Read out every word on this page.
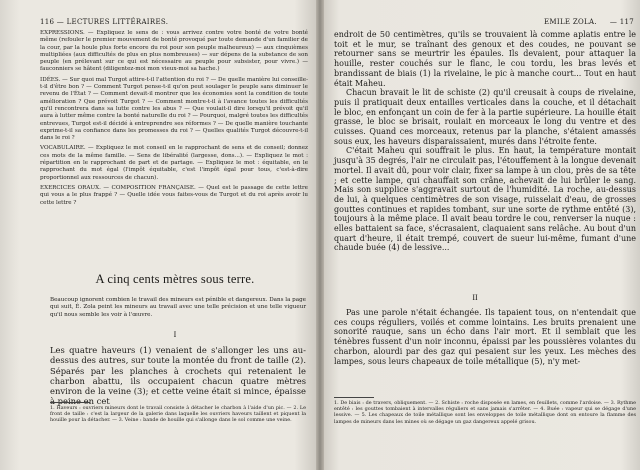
116 — LECTURES LITTÉRAIRES.

EXPRESSIONS. — Expliquez le sens de : vous arrivez contre votre bonté de votre bonté même (refouler le premier mouvement de bonté provoqué par toute demande d'un familier de la cour, par la houle plus forte encore du roi pour son peuple malheureux) — aux cinquièmes multipliées (aux difficultés de plus en plus nombreuses) — sur dépens de la substance de son peuple (en prélevant sur ce qui est nécessaire au peuple pour subsister, pour vivre.) — fauconniers se hâtent (diligentez-moi mon vieux-moi sa hache.)

IDÉES. — Sur quoi mal Turgot attire-t-il l'attention du roi ? — De quelle manière lui conseille-t-il d'être bon ? — Comment Turgot pense-t-il qu'on peut soulager le peuple sans diminuer le revenu de l'État ? — Comment devait-il montrer que les économies sont la condition de toute amélioration ? Que prévoit Turgot ? — Comment montre-t-il à l'avance toutes les difficultés qu'il rencontrera dans sa lutte contre les abus ? — Que voulait-il dire lorsqu'il prévoit qu'il aura à lutter même contre la bonté naturelle du roi ? — Pourquoi, malgré toutes les difficultés entrevues, Turgot est-il décidé à entreprendre ses réformes ? — De quelle manière touchante exprime-t-il sa confiance dans les promesses du roi ? — Quelles qualités Turgot découvre-t-il dans le roi ?

VOCABULAIRE. — Expliquez le mot conseil en le rapprochant de sens et de conseil; donnez ces mots de la même famille. — Sens de libéralité (largesse, dons...). — Expliquez le mot : répartition en le rapprochant de part et de partage. — Expliquez le mot : équitable, en le rapprochant du mot égal (l'impôt équitable, c'est l'impôt égal pour tous, c'est-à-dire proportionnel aux ressources de chacun).

EXERCICES ORAUX. — COMPOSITION FRANÇAISE. — Quel est le passage de cette lettre qui vous a le plus frappé ? — Quelle idée vous faites-vous de Turgot et du roi après avoir lu cette lettre ?

A cinq cents mètres sous terre.
Beaucoup ignorent combien le travail des mineurs est pénible et dangereux. Dans la page qui suit, É. Zola peint les mineurs au travail avec une telle précision et une telle vigueur qu'il nous semble les voir à l'œuvre.
I
Les quatre haveurs (1) venaient de s'allonger les uns au-dessus des autres, sur toute la montée du front de taille (2). Séparés par les planches à crochets qui retenaient le charbon abattu, ils occupaient chacun quatre mètres environ de la veine (3); et cette veine était si mince, épaisse à peine en cet
1. Haveurs : ouvriers mineurs dont le travail consiste à détacher le charbon à l'aide d'un pic. — 2. Le front de taille : c'est la largeur de la galerie dans laquelle les ouvriers haveurs taillent et piquent la houille pour la détacher. — 3. Veine : bande de houille qui s'allonge dans le sol comme une veine.
EMILE ZOLA. — 117

endroit de 50 centimètres, qu'ils se trouvaient là comme aplatis entre le toit et le mur, se traînant des genoux et des coudes, ne pouvant se retourner sans se meurtrir les épaules. Ils devaient, pour attaquer la houille, rester couchés sur le flanc, le cou tordu, les bras levés et brandissant de biais (1) la rivelaine, le pic à manche court... Tout en haut était Maheu.

Chacun bravait le lit de schiste (2) qu'il creusait à coups de rivelaine, puis il pratiquait deux entailles verticales dans la couche, et il détachait le bloc, en enfonçant un coin de fer à la partie supérieure. La houille était grasse, le bloc se brisait, roulait en morceaux le long du ventre et des cuisses. Quand ces morceaux, retenus par la planche, s'étaient amassés sous eux, les haveurs disparaissaient, murés dans l'étroite fente.

C'était Maheu qui souffrait le plus. En haut, la température montait jusqu'à 35 degrés, l'air ne circulait pas, l'étouffement à la longue devenait mortel. Il avait dû, pour voir clair, fixer sa lampe à un clou, près de sa tête ; et cette lampe, qui chauffait son crâne, achevait de lui brûler le sang. Mais son supplice s'aggravait surtout de l'humidité. La roche, au-dessus de lui, à quelques centimètres de son visage, ruisselait d'eau, de grosses gouttes continues et rapides tombant, sur une sorte de rythme entêté (3), toujours à la même place. Il avait beau tordre le cou, renverser la nuque : elles battaient sa face, s'écrasaient, claquaient sans relâche. Au bout d'un quart d'heure, il était trempé, couvert de sueur lui-même, fumant d'une chaude buée (4) de lessive...

II
Pas une parole n'était échangée. Ils tapaient tous, on n'entendait que ces coups réguliers, voilés et comme lointains. Les bruits prenaient une sonorité rauque, sans un écho dans l'air mort. Et il semblait que les ténèbres fussent d'un noir inconnu, épaissi par les poussières volantes du charbon, alourdi par des gaz qui pesaient sur les yeux. Les mèches des lampes, sous leurs chapeaux de toile métallique (5), n'y met-
1. De biais : de travers, obliquement. — 2. Schiste : roche disposée en lames, en feuillets, comme l'ardoise. — 3. Rythme entêté : les gouttes tombaient à intervalles réguliers et sans jamais s'arrêter. — 4. Buée : vapeur qui se dégage d'une lessive. — 5. Les chapeaux de toile métallique sont les enveloppes de toile métallique dont on entoure la flamme des lampes de mineurs dans les mines où se dégage un gaz dangereux appelé grisou.
